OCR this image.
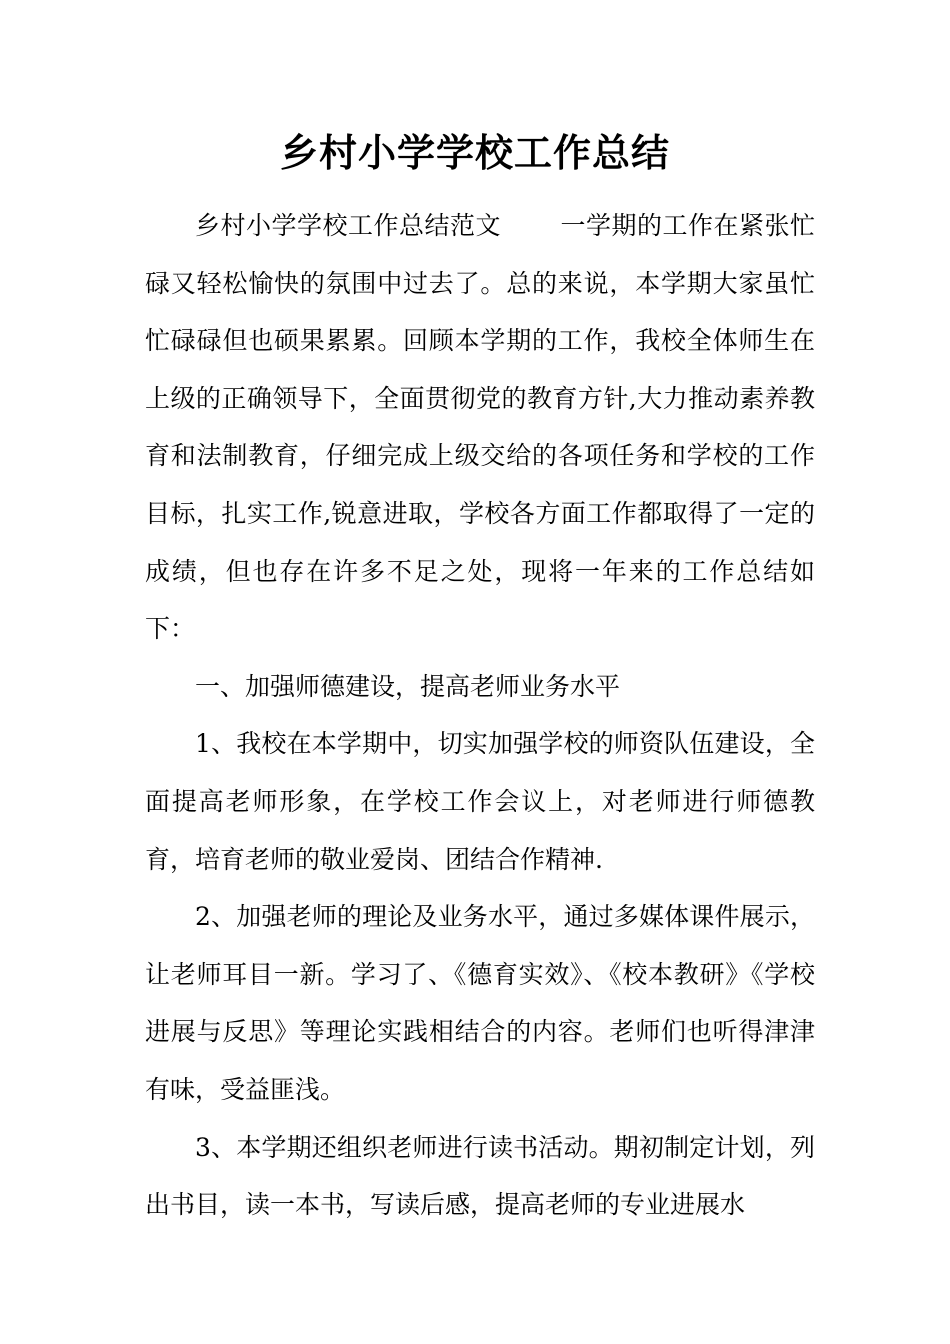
乡村小学学校工作总结

乡村小学学校工作总结范文　　 一学期的工作在紧张忙碌又轻松愉快的氛围中过去了。总的来说，本学期大家虽忙忙碌碌但也硕果累累。回顾本学期的工作，我校全体师生在上级的正确领导下，全面贯彻党的教育方针,大力推动素养教育和法制教育，仔细完成上级交给的各项任务和学校的工作目标，扎实工作,锐意进取，学校各方面工作都取得了一定的成绩，但也存在许多不足之处，现将一年来的工作总结如下：

一、加强师德建设，提高老师业务水平

1、我校在本学期中，切实加强学校的师资队伍建设，全面提高老师形象，在学校工作会议上，对老师进行师德教育，培育老师的敬业爱岗、团结合作精神.

2、加强老师的理论及业务水平，通过多媒体课件展示，让老师耳目一新。学习了、《德育实效》、《校本教研》《学校进展与反思》等理论实践相结合的内容。老师们也听得津津有味，受益匪浅。

3、本学期还组织老师进行读书活动。期初制定计划，列出书目，读一本书，写读后感，提高老师的专业进展水
